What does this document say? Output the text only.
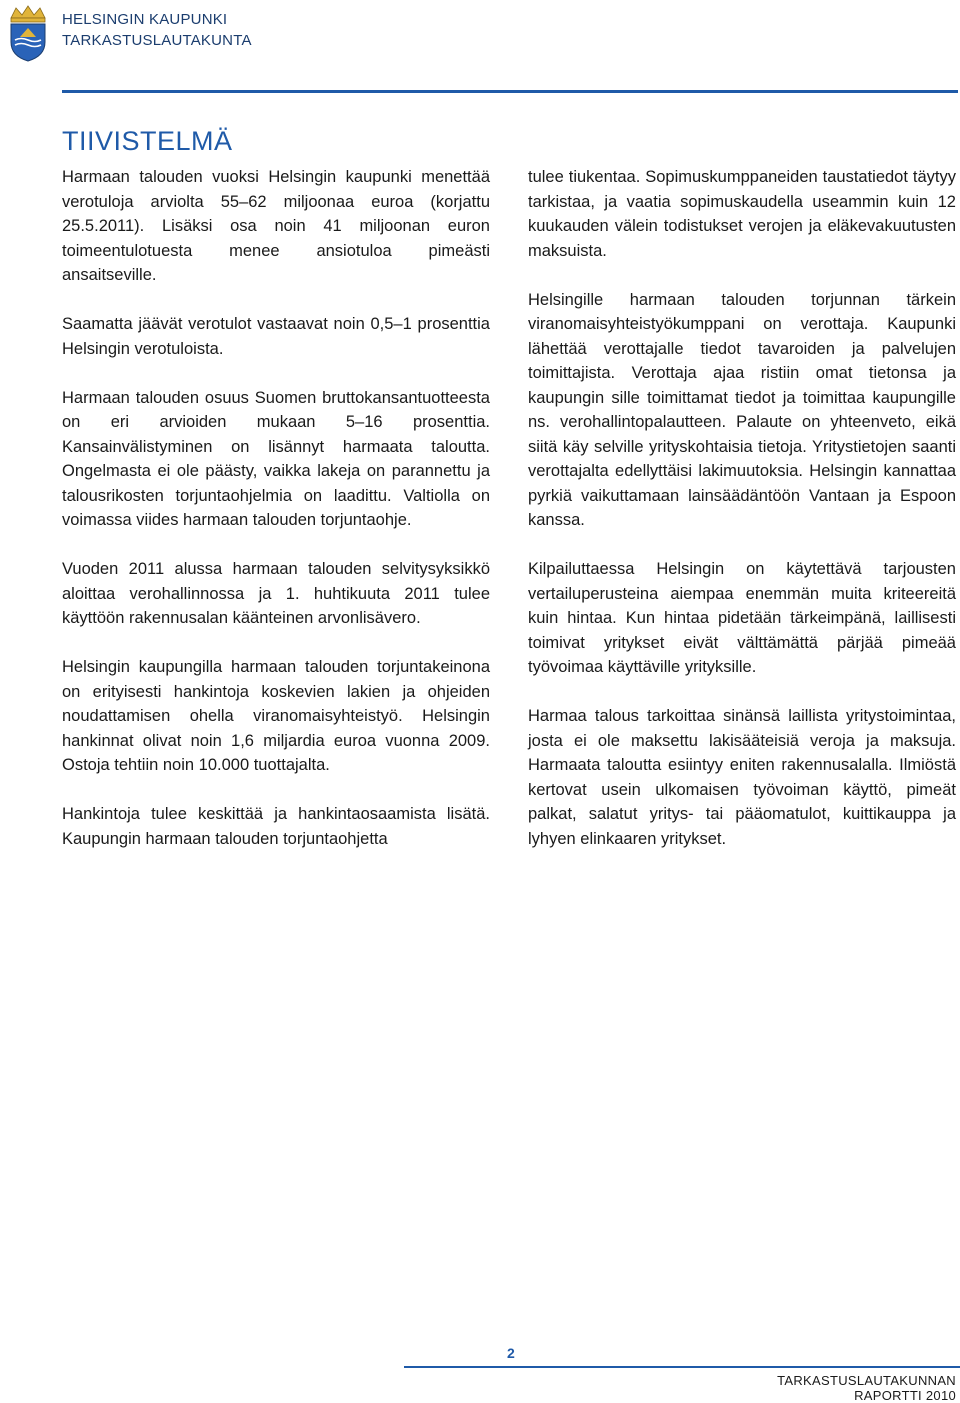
HELSINGIN KAUPUNKI
TARKASTUSLAUTAKUNTA
TIIVISTELMÄ

Harmaan talouden vuoksi Helsingin kaupunki menettää verotuloja arviolta 55–62 miljoonaa euroa (korjattu 25.5.2011). Lisäksi osa noin 41 miljoonan euron toimeentulotuesta menee ansiotuloa pimeästi ansaitseville.

Saamatta jäävät verotulot vastaavat noin 0,5–1 prosenttia Helsingin verotuloista.

Harmaan talouden osuus Suomen bruttokansantuotteesta on eri arvioiden mukaan 5–16 prosenttia. Kansainvälistyminen on lisännyt harmaata taloutta. Ongelmasta ei ole päästy, vaikka lakeja on parannettu ja talousrikosten torjuntaohjelmia on laadittu. Valtiolla on voimassa viides harmaan talouden torjuntaohje.

Vuoden 2011 alussa harmaan talouden selvitysyksikkö aloittaa verohallinnossa ja 1. huhtikuuta 2011 tulee käyttöön rakennusalan käänteinen arvonlisävero.

Helsingin kaupungilla harmaan talouden torjuntakeinona on erityisesti hankintoja koskevien lakien ja ohjeiden noudattamisen ohella viranomaisyhteistyö. Helsingin hankinnat olivat noin 1,6 miljardia euroa vuonna 2009. Ostoja tehtiin noin 10.000 tuottajalta.

Hankintoja tulee keskittää ja hankintaosaamista lisätä. Kaupungin harmaan talouden torjuntaohjetta

tulee tiukentaa. Sopimuskumppaneiden taustatiedot täytyy tarkistaa, ja vaatia sopimuskaudella useammin kuin 12 kuukauden välein todistukset verojen ja eläkevakuutusten maksuista.

Helsingille harmaan talouden torjunnan tärkein viranomaisyhteistyökumppani on verottaja. Kaupunki lähettää verottajalle tiedot tavaroiden ja palvelujen toimittajista. Verottaja ajaa ristiin omat tietonsa ja kaupungin sille toimittamat tiedot ja toimittaa kaupungille ns. verohallintopalautteen. Palaute on yhteenveto, eikä siitä käy selville yrityskohtaisia tietoja. Yritystietojen saanti verottajalta edellyttäisi lakimuutoksia. Helsingin kannattaa pyrkiä vaikuttamaan lainsäädäntöön Vantaan ja Espoon kanssa.

Kilpailuttaessa Helsingin on käytettävä tarjousten vertailuperusteina aiempaa enemmän muita kriteereitä kuin hintaa. Kun hintaa pidetään tärkeimpänä, laillisesti toimivat yritykset eivät välttämättä pärjää pimeää työvoimaa käyttäville yrityksille.

Harmaa talous tarkoittaa sinänsä laillista yritystoimintaa, josta ei ole maksettu lakisääteisiä veroja ja maksuja. Harmaata taloutta esiintyy eniten rakennusalalla. Ilmiöstä kertovat usein ulkomaisen työvoiman käyttö, pimeät palkat, salatut yritys- tai pääomatulot, kuittikauppa ja lyhyen elinkaaren yritykset.

2
TARKASTUSLAUTAKUNNAN RAPORTTI 2010
